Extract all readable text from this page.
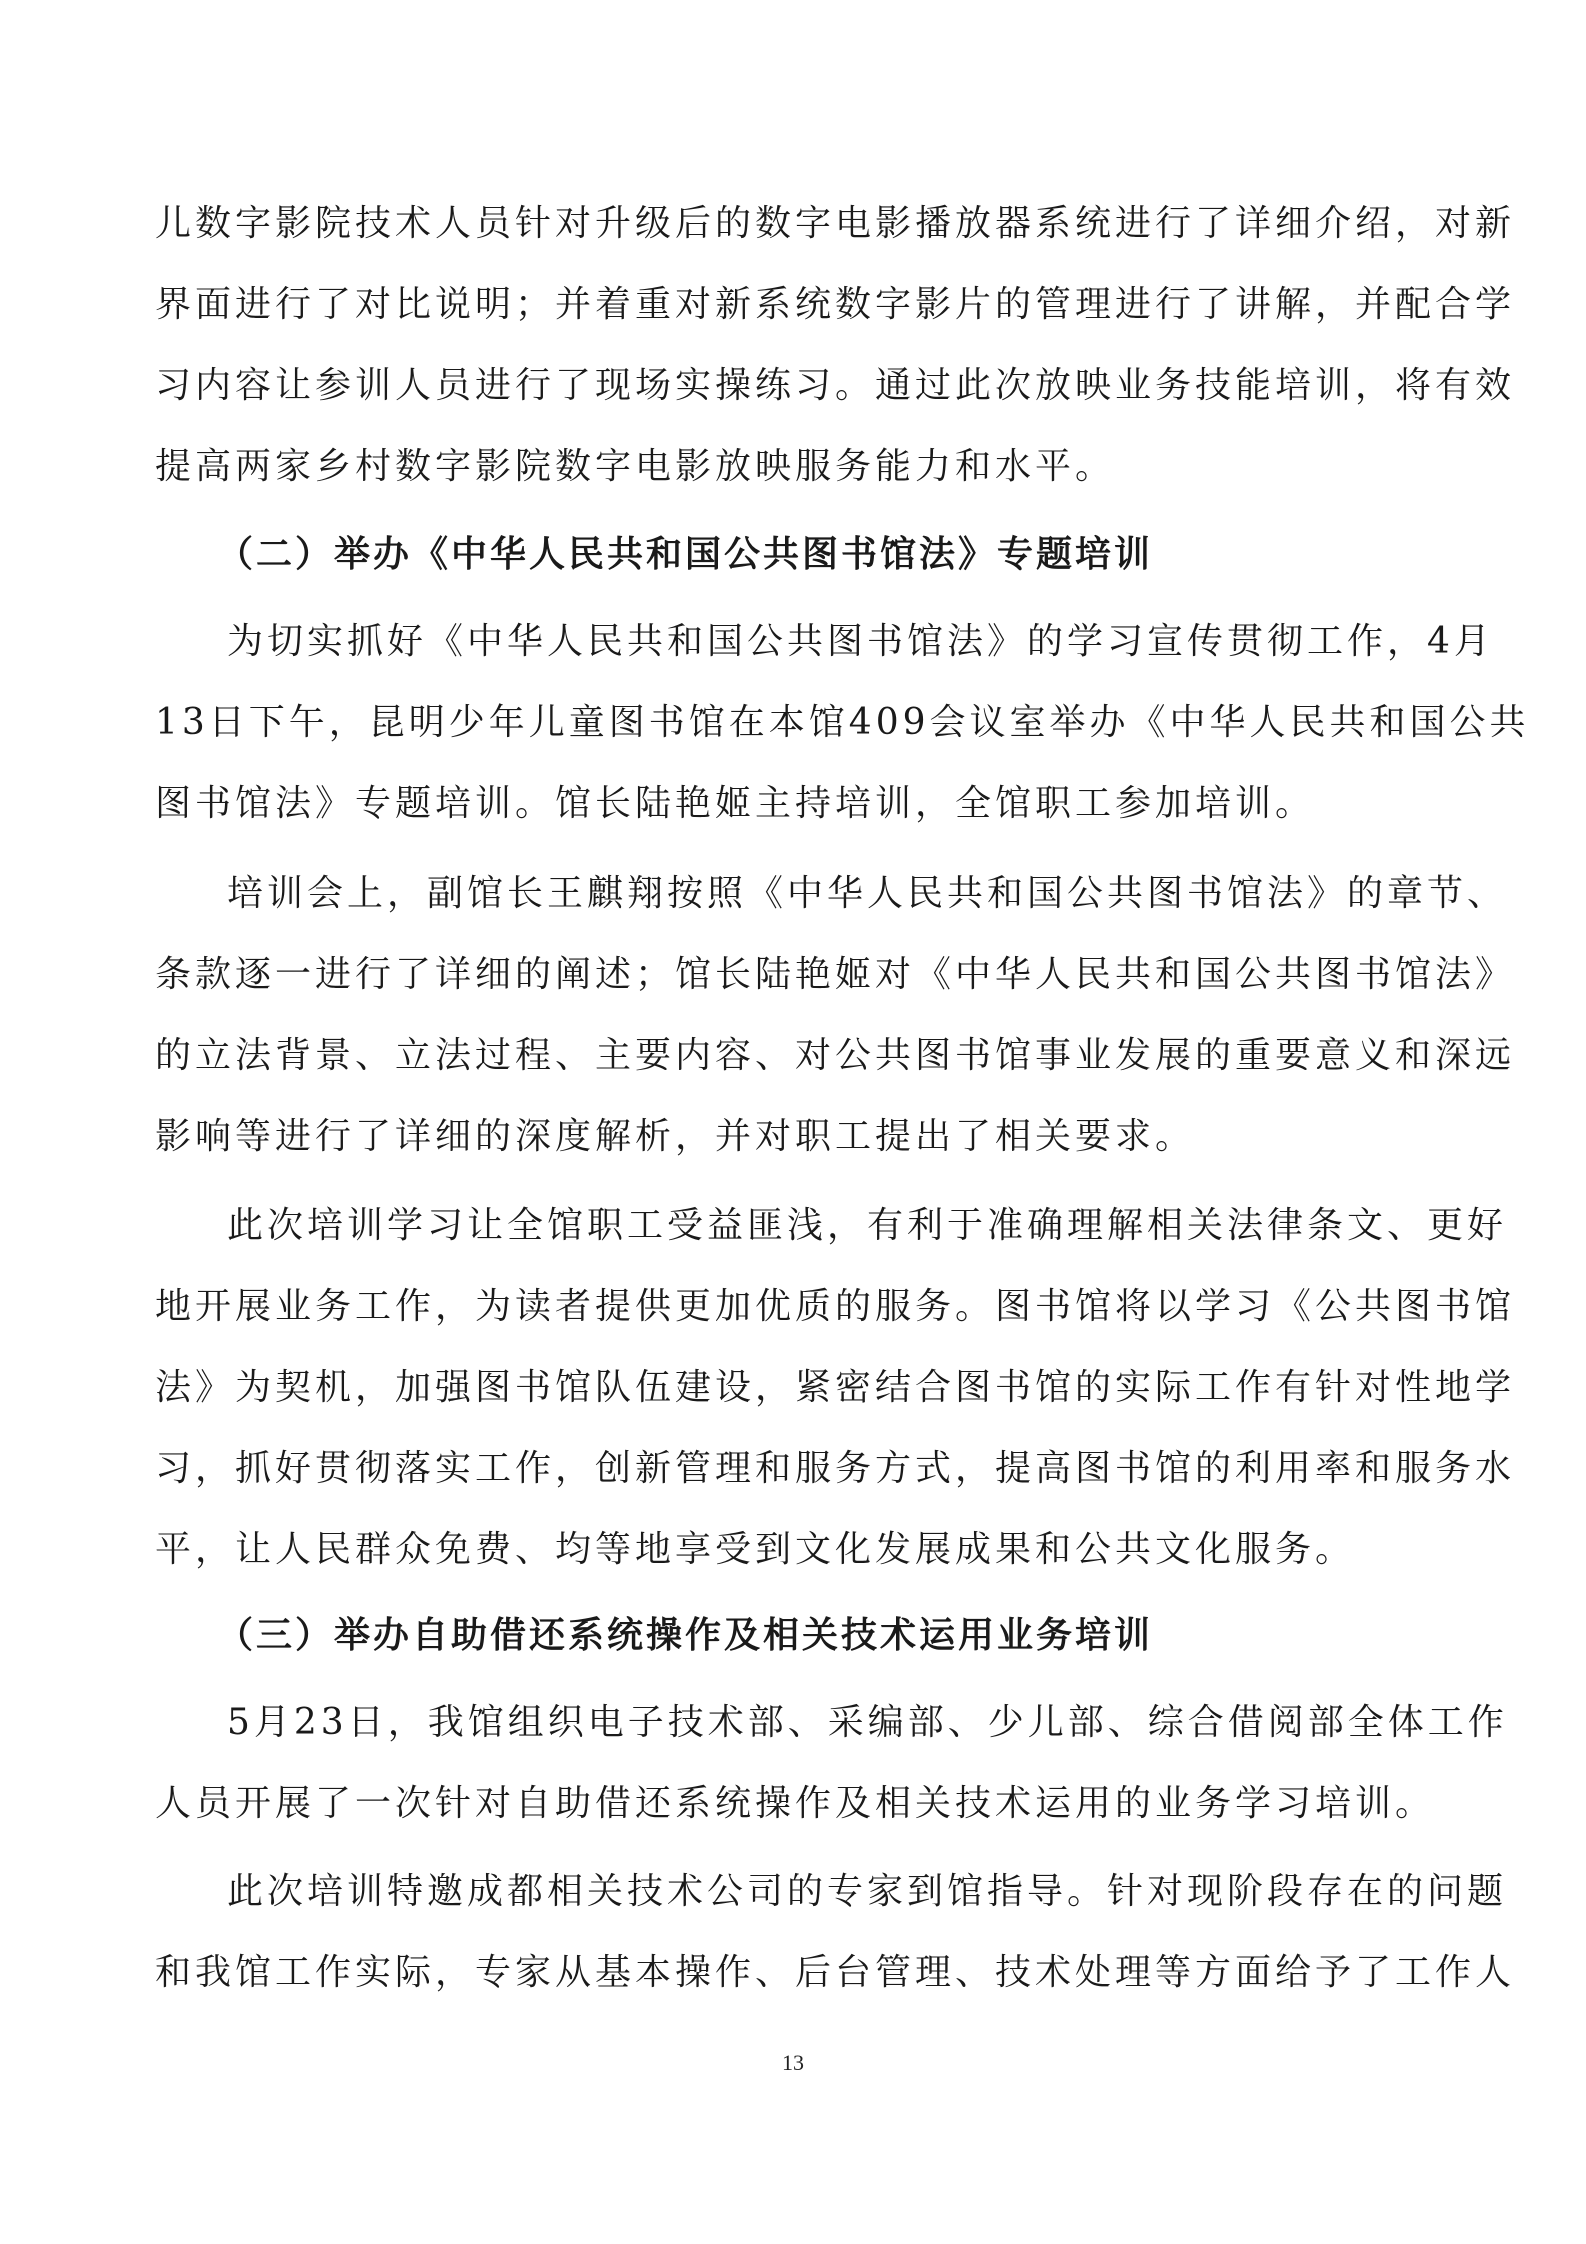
儿数字影院技术人员针对升级后的数字电影播放器系统进行了详细介绍，对新
界面进行了对比说明；并着重对新系统数字影片的管理进行了讲解，并配合学
习内容让参训人员进行了现场实操练习。通过此次放映业务技能培训，将有效
提高两家乡村数字影院数字电影放映服务能力和水平。
（二）举办《中华人民共和国公共图书馆法》专题培训
为切实抓好《中华人民共和国公共图书馆法》的学习宣传贯彻工作，4月
13日下午，昆明少年儿童图书馆在本馆409会议室举办《中华人民共和国公共
图书馆法》专题培训。馆长陆艳姬主持培训，全馆职工参加培训。
培训会上，副馆长王麒翔按照《中华人民共和国公共图书馆法》的章节、
条款逐一进行了详细的阐述；馆长陆艳姬对《中华人民共和国公共图书馆法》
的立法背景、立法过程、主要内容、对公共图书馆事业发展的重要意义和深远
影响等进行了详细的深度解析，并对职工提出了相关要求。
此次培训学习让全馆职工受益匪浅，有利于准确理解相关法律条文、更好
地开展业务工作，为读者提供更加优质的服务。图书馆将以学习《公共图书馆
法》为契机，加强图书馆队伍建设，紧密结合图书馆的实际工作有针对性地学
习，抓好贯彻落实工作，创新管理和服务方式，提高图书馆的利用率和服务水
平，让人民群众免费、均等地享受到文化发展成果和公共文化服务。
（三）举办自助借还系统操作及相关技术运用业务培训
5月23日，我馆组织电子技术部、采编部、少儿部、综合借阅部全体工作
人员开展了一次针对自助借还系统操作及相关技术运用的业务学习培训。
此次培训特邀成都相关技术公司的专家到馆指导。针对现阶段存在的问题
和我馆工作实际，专家从基本操作、后台管理、技术处理等方面给予了工作人
13
